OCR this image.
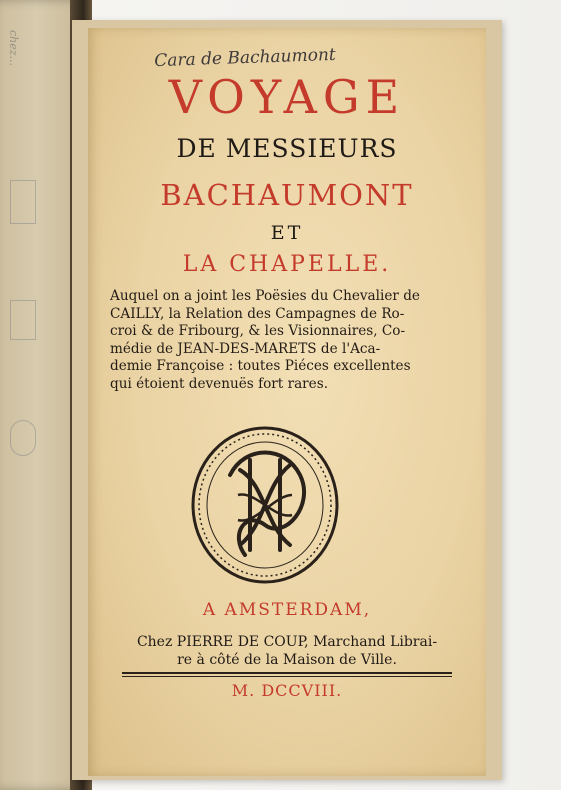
chez...	Cara de Bachaumont
VOYAGE
DE MESSIEURS
BACHAUMONT
ET
LA CHAPELLE.
Auquel on a joint les Poësies du Chevalier de
CAILLY, la Relation des Campagnes de Ro-
croi & de Fribourg, & les Visionnaires, Co-
médie de JEAN-DES-MARETS de l'Aca-
demie Françoise : toutes Piéces excellentes
qui étoient devenuës fort rares.
A AMSTERDAM,
Chez PIERRE DE COUP, Marchand Librai-
re à côté de la Maison de Ville.
M. DCCVIII.
